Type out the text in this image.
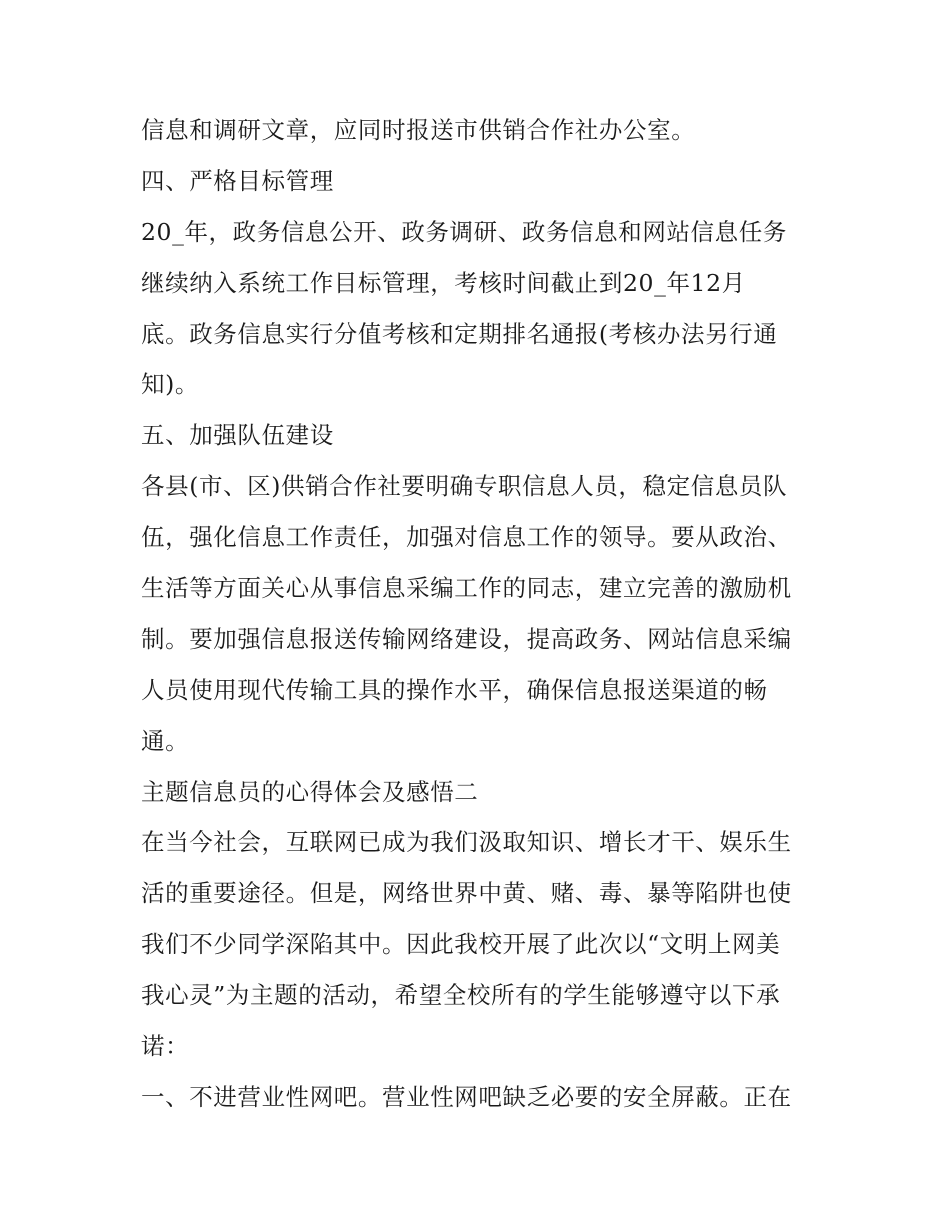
信息和调研文章，应同时报送市供销合作社办公室。
四、严格目标管理
20_年，政务信息公开、政务调研、政务信息和网站信息任务
继续纳入系统工作目标管理，考核时间截止到20_年12月
底。政务信息实行分值考核和定期排名通报(考核办法另行通
知)。
五、加强队伍建设
各县(市、区)供销合作社要明确专职信息人员，稳定信息员队
伍，强化信息工作责任，加强对信息工作的领导。要从政治、
生活等方面关心从事信息采编工作的同志，建立完善的激励机
制。要加强信息报送传输网络建设，提高政务、网站信息采编
人员使用现代传输工具的操作水平，确保信息报送渠道的畅
通。
主题信息员的心得体会及感悟二
在当今社会，互联网已成为我们汲取知识、增长才干、娱乐生
活的重要途径。但是，网络世界中黄、赌、毒、暴等陷阱也使
我们不少同学深陷其中。因此我校开展了此次以“文明上网美
我心灵”为主题的活动，希望全校所有的学生能够遵守以下承
诺：
一、不进营业性网吧。营业性网吧缺乏必要的安全屏蔽。正在
